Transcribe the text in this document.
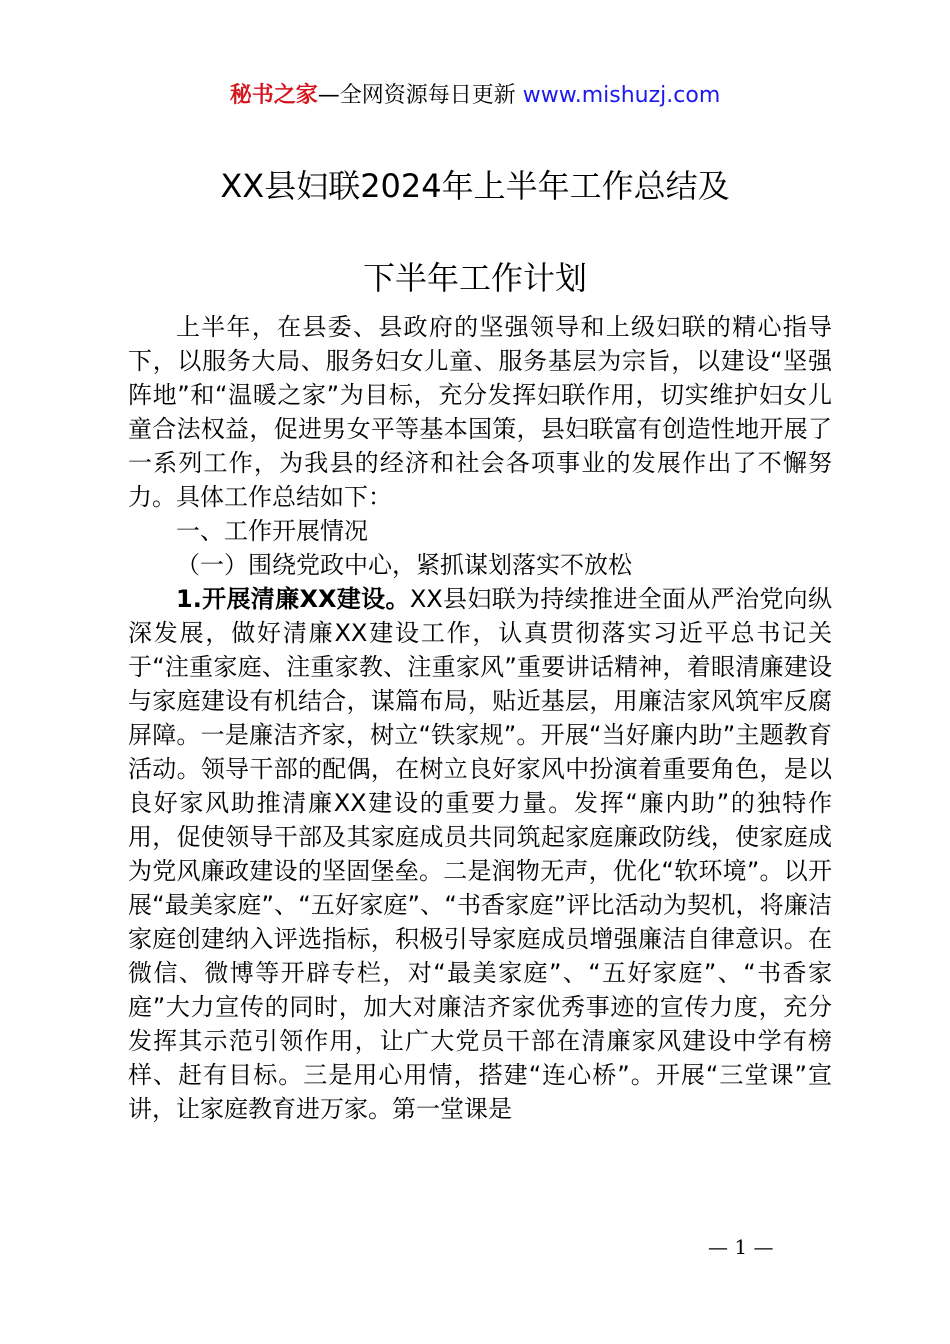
秘书之家—全网资源每日更新 www.mishuzj.com
XX县妇联2024年上半年工作总结及
下半年工作计划

上半年，在县委、县政府的坚强领导和上级妇联的精心指导下，以服务大局、服务妇女儿童、服务基层为宗旨，以建设“坚强阵地”和“温暖之家”为目标，充分发挥妇联作用，切实维护妇女儿童合法权益，促进男女平等基本国策，县妇联富有创造性地开展了一系列工作，为我县的经济和社会各项事业的发展作出了不懈努力。具体工作总结如下：

一、工作开展情况

（一）围绕党政中心，紧抓谋划落实不放松

1.开展清廉XX建设。XX县妇联为持续推进全面从严治党向纵深发展，做好清廉XX建设工作，认真贯彻落实习近平总书记关于“注重家庭、注重家教、注重家风”重要讲话精神，着眼清廉建设与家庭建设有机结合，谋篇布局，贴近基层，用廉洁家风筑牢反腐屏障。一是廉洁齐家，树立“铁家规”。开展“当好廉内助”主题教育活动。领导干部的配偶，在树立良好家风中扮演着重要角色，是以良好家风助推清廉XX建设的重要力量。发挥“廉内助”的独特作用，促使领导干部及其家庭成员共同筑起家庭廉政防线，使家庭成为党风廉政建设的坚固堡垒。二是润物无声，优化“软环境”。以开展“最美家庭”、“五好家庭”、“书香家庭”评比活动为契机，将廉洁家庭创建纳入评选指标，积极引导家庭成员增强廉洁自律意识。在微信、微博等开辟专栏，对“最美家庭”、“五好家庭”、“书香家庭”大力宣传的同时，加大对廉洁齐家优秀事迹的宣传力度，充分发挥其示范引领作用，让广大党员干部在清廉家风建设中学有榜样、赶有目标。三是用心用情，搭建“连心桥”。开展“三堂课”宣讲，让家庭教育进万家。第一堂课是

— 1 —
